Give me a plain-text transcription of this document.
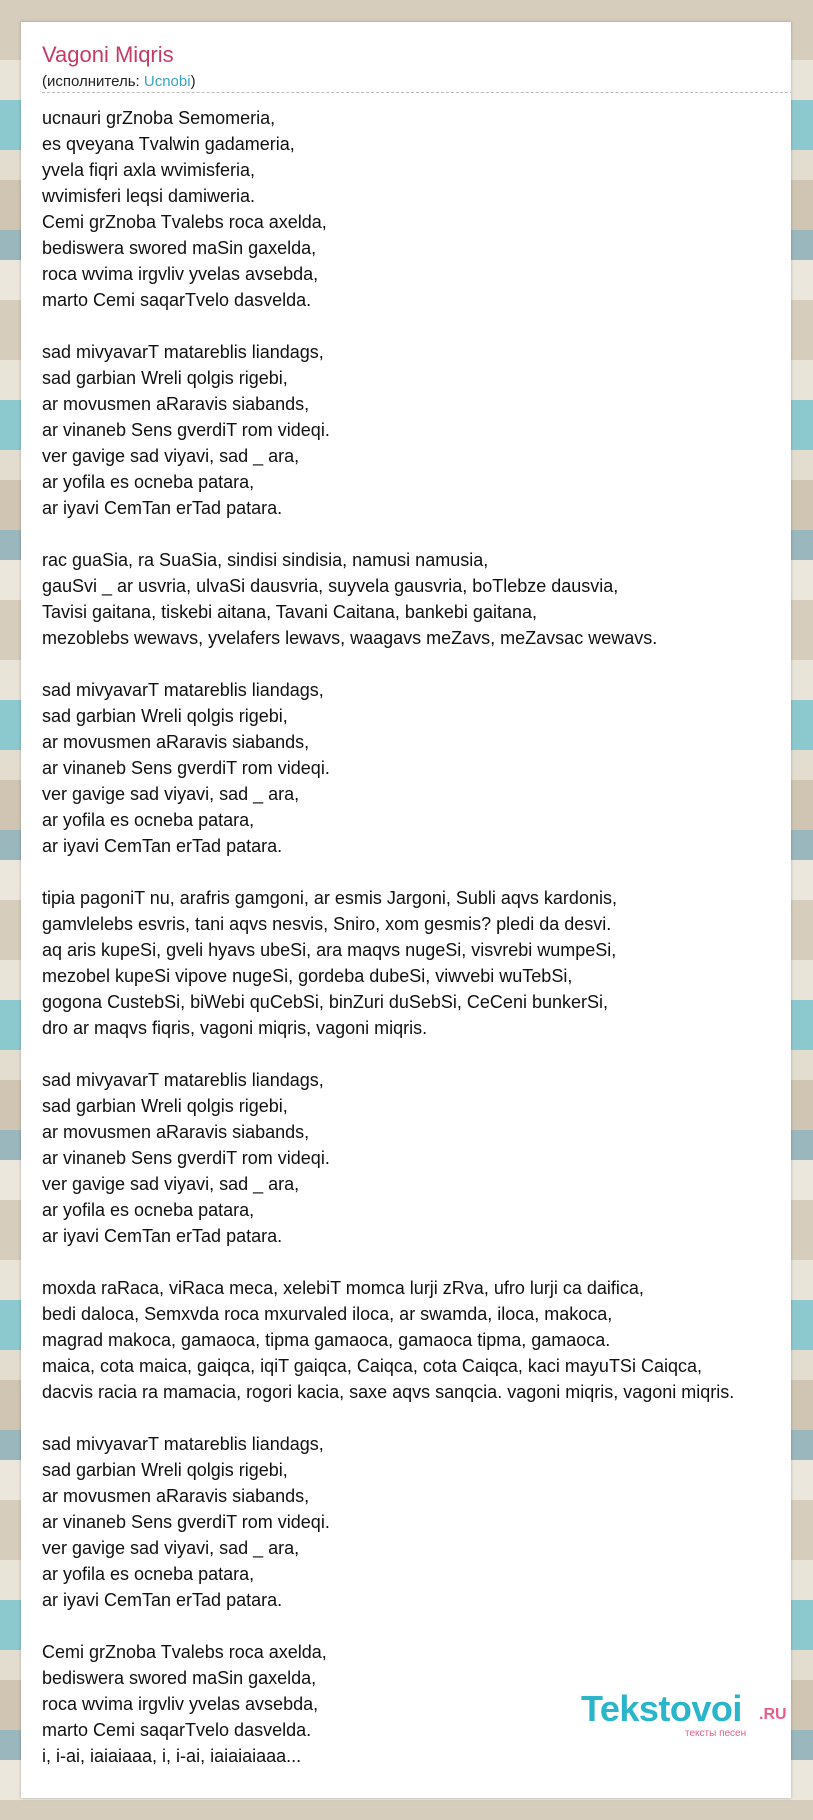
Vagoni Miqris
(исполнитель: Ucnobi)
ucnauri grZnoba Semomeria,
es qveyana Tvalwin gadameria,
yvela fiqri axla wvimisferia,
wvimisferi leqsi damiweria.
Cemi grZnoba Tvalebs roca axelda,
bediswera swored maSin gaxelda,
roca wvima irgvliv yvelas avsebda,
marto Cemi saqarTvelo dasvelda.
sad mivyavarT matareblis liandags,
sad garbian Wreli qolgis rigebi,
ar movusmen aRaravis siabands,
ar vinaneb Sens gverdiT rom videqi.
ver gavige sad viyavi, sad _ ara,
ar yofila es ocneba patara,
ar iyavi CemTan erTad patara.
rac guaSia, ra SuaSia, sindisi sindisia, namusi namusia,
gauSvi _ ar usvria, ulvaSi dausvria, suyvela gausvria, boTlebze dausvia,
Tavisi gaitana, tiskebi aitana, Tavani Caitana, bankebi gaitana,
mezoblebs wewavs, yvelafers lewavs, waagavs meZavs, meZavsac wewavs.
sad mivyavarT matareblis liandags,
sad garbian Wreli qolgis rigebi,
ar movusmen aRaravis siabands,
ar vinaneb Sens gverdiT rom videqi.
ver gavige sad viyavi, sad _ ara,
ar yofila es ocneba patara,
ar iyavi CemTan erTad patara.
tipia pagoniT nu, arafris gamgoni, ar esmis Jargoni, Subli aqvs kardonis,
gamvlelebs esvris, tani aqvs nesvis, Sniro, xom gesmis? pledi da desvi.
aq aris kupeSi, gveli hyavs ubeSi, ara maqvs nugeSi, visvrebi wumpeSi,
mezobel kupeSi vipove nugeSi, gordeba dubeSi, viwvebi wuTebSi,
gogona CustebSi, biWebi quCebSi, binZuri duSebSi, CeCeni bunkerSi,
dro ar maqvs fiqris, vagoni miqris, vagoni miqris.
sad mivyavarT matareblis liandags,
sad garbian Wreli qolgis rigebi,
ar movusmen aRaravis siabands,
ar vinaneb Sens gverdiT rom videqi.
ver gavige sad viyavi, sad _ ara,
ar yofila es ocneba patara,
ar iyavi CemTan erTad patara.
moxda raRaca, viRaca meca, xelebiT momca lurji zRva, ufro lurji ca daifica,
bedi daloca, Semxvda roca mxurvaled iloca, ar swamda, iloca, makoca,
magrad makoca, gamaoca, tipma gamaoca, gamaoca tipma, gamaoca.
maica, cota maica, gaiqca, iqiT gaiqca, Caiqca, cota Caiqca, kaci mayuTSi Caiqca,
dacvis racia ra mamacia, rogori kacia, saxe aqvs sanqcia. vagoni miqris, vagoni miqris.
sad mivyavarT matareblis liandags,
sad garbian Wreli qolgis rigebi,
ar movusmen aRaravis siabands,
ar vinaneb Sens gverdiT rom videqi.
ver gavige sad viyavi, sad _ ara,
ar yofila es ocneba patara,
ar iyavi CemTan erTad patara.
Cemi grZnoba Tvalebs roca axelda,
bediswera swored maSin gaxelda,
roca wvima irgvliv yvelas avsebda,
marto Cemi saqarTvelo dasvelda.
i, i-ai, iaiaiaaa, i, i-ai, iaiaiaiaaa...
Tekstovoi .RU
тексты песен
